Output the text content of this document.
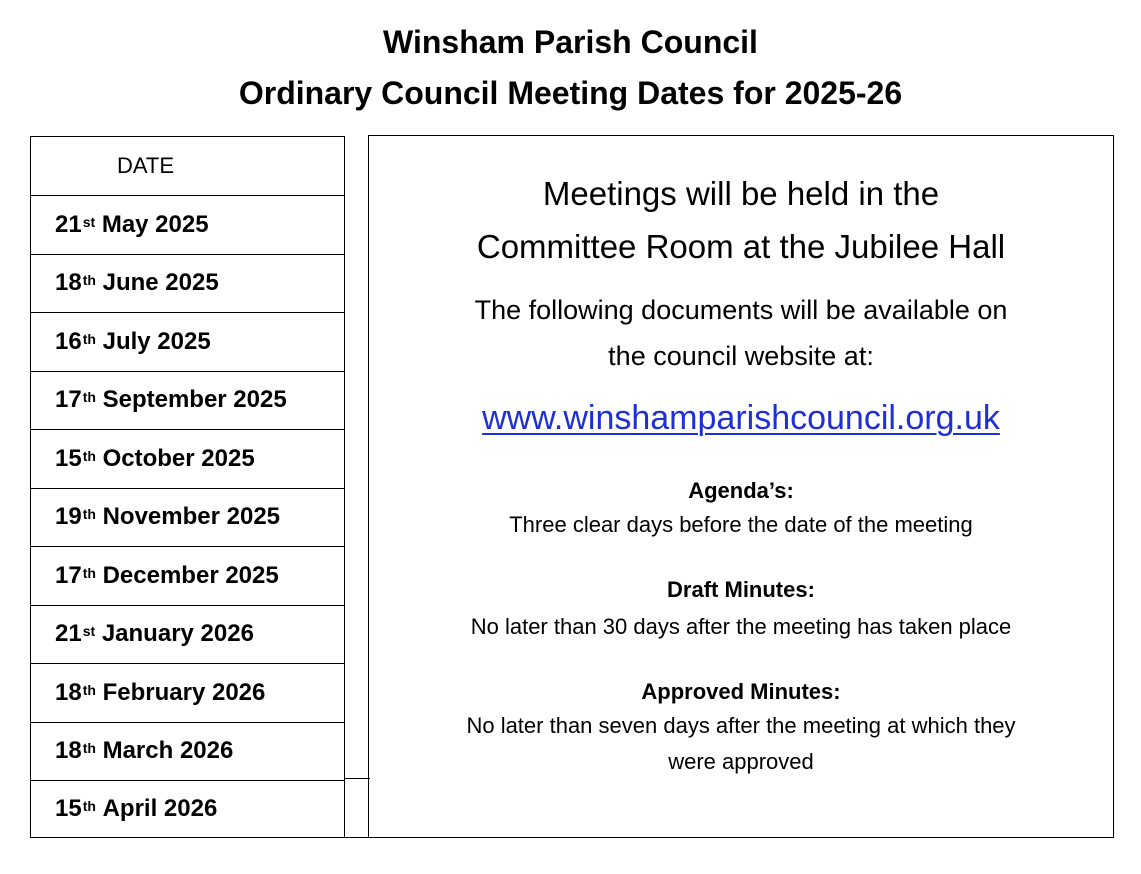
Winsham Parish Council
Ordinary Council Meeting Dates for 2025-26
DATE
21st
May 2025
18th
June 2025
16th
July 2025
17th
September 2025
15th
October 2025
19th
November 2025
17th
December 2025
21st
January 2026
18th
February 2026
18th
March 2026
15th
April 2026
Meetings will be held in the
Committee Room at the Jubilee Hall
The following documents will be available on
the council website at:
www.winshamparishcouncil.org.uk
Agenda’s:
Three clear days before the date of the meeting
Draft Minutes:
No later than 30 days after the meeting has taken place
Approved Minutes:
No later than seven days after the meeting at which they
were approved
